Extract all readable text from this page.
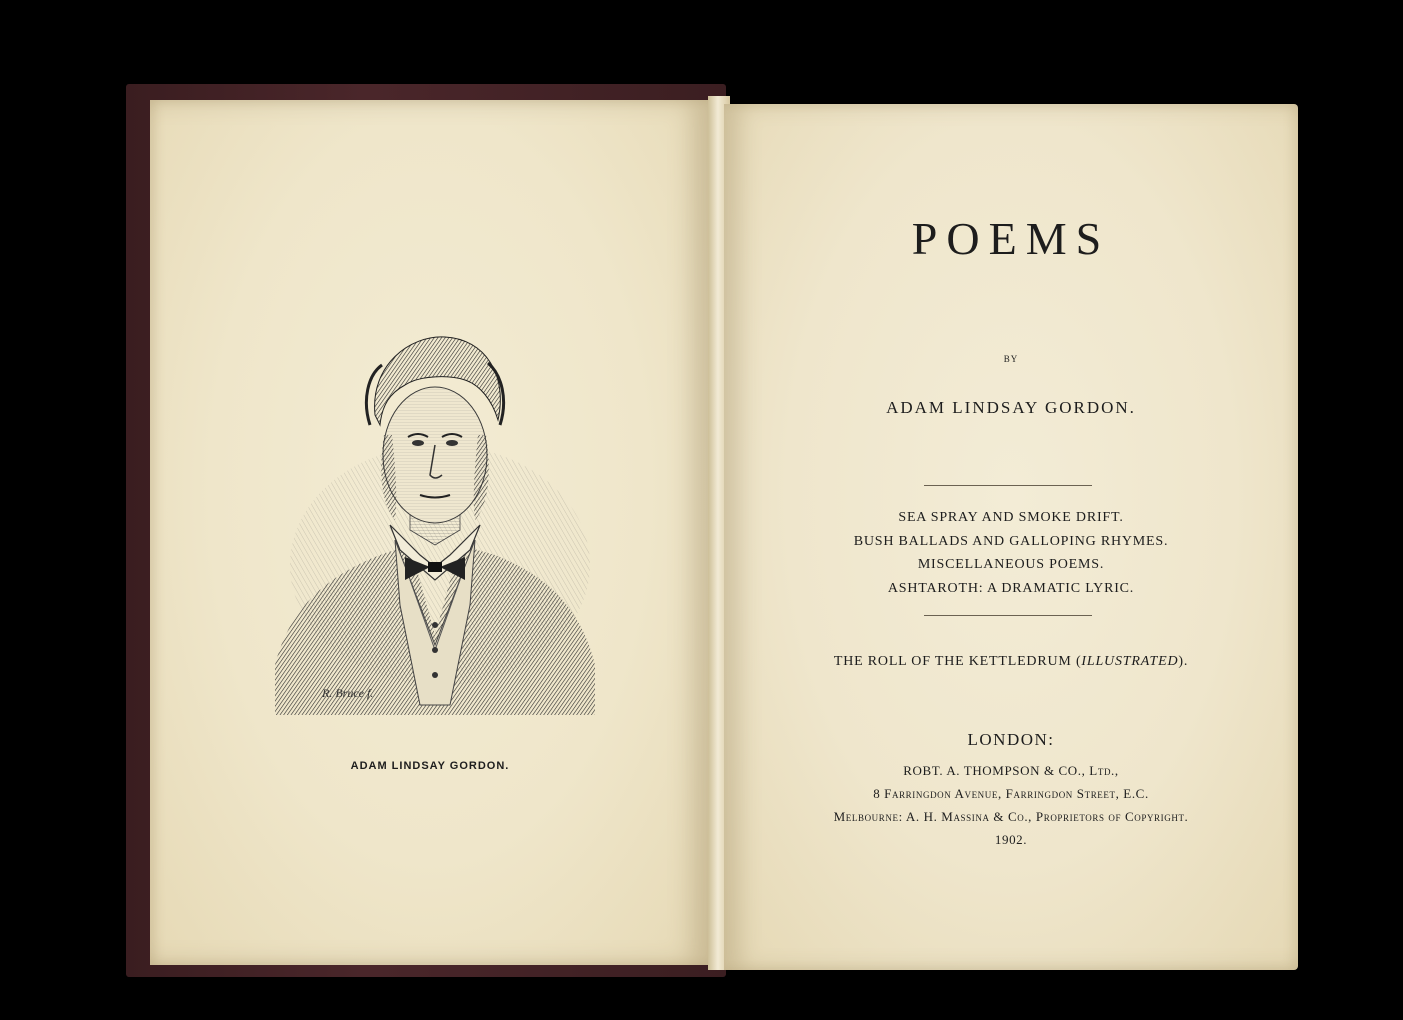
R. Bruce f.
ADAM LINDSAY GORDON.
POEMS
BY
ADAM LINDSAY GORDON.
SEA SPRAY AND SMOKE DRIFT.
BUSH BALLADS AND GALLOPING RHYMES.
MISCELLANEOUS POEMS.
ASHTAROTH: A DRAMATIC LYRIC.
THE ROLL OF THE KETTLEDRUM (ILLUSTRATED).
LONDON:
ROBT. A. THOMPSON & CO., Ltd.,
8 Farringdon Avenue, Farringdon Street, E.C.
Melbourne: A. H. Massina & Co., Proprietors of Copyright.
1902.
